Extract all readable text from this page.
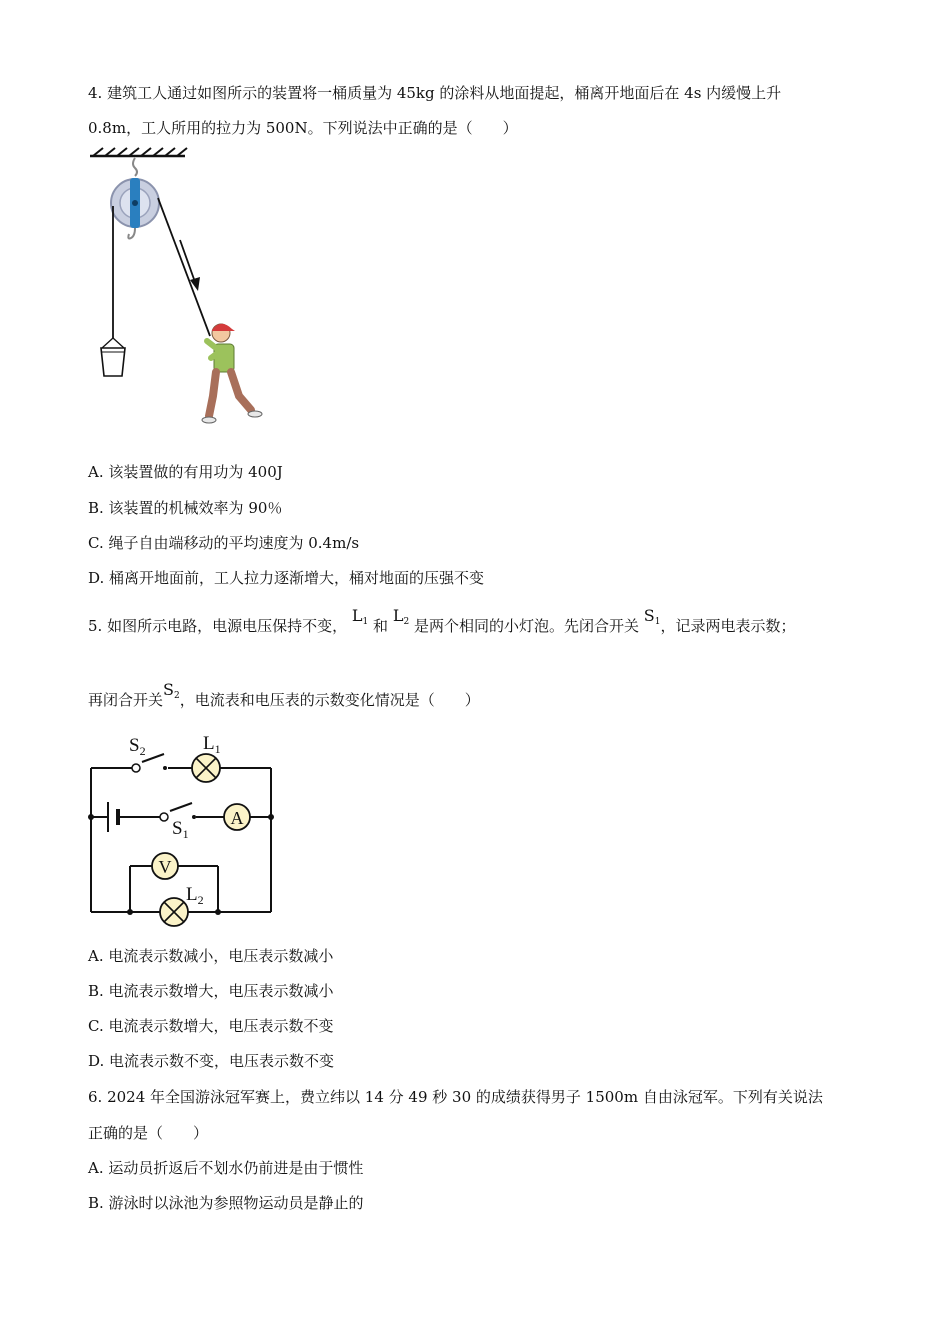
4. 建筑工人通过如图所示的装置将一桶质量为 45kg 的涂料从地面提起，桶离开地面后在 4s 内缓慢上升
0.8m，工人所用的拉力为 500N。下列说法中正确的是（　　）
A. 该装置做的有用功为 400J
B. 该装置的机械效率为 90％
C. 绳子自由端移动的平均速度为 0.4m/s
D. 桶离开地面前，工人拉力逐渐增大，桶对地面的压强不变
5. 如图所示电路，电源电压保持不变， $L_1$ 和 $L_2$ 是两个相同的小灯泡。先闭合开关 $S_1$，记录两电表示数；
再闭合开关$S_2$，电流表和电压表的示数变化情况是（　　）
$S_2$	$L_1$
$S_1$
A
V
$L_2$
A. 电流表示数减小，电压表示数减小
B. 电流表示数增大，电压表示数减小
C. 电流表示数增大，电压表示数不变
D. 电流表示数不变，电压表示数不变
6. 2024 年全国游泳冠军赛上，费立纬以 14 分 49 秒 30 的成绩获得男子 1500m 自由泳冠军。下列有关说法
正确的是（　　）
A. 运动员折返后不划水仍前进是由于惯性
B. 游泳时以泳池为参照物运动员是静止的
